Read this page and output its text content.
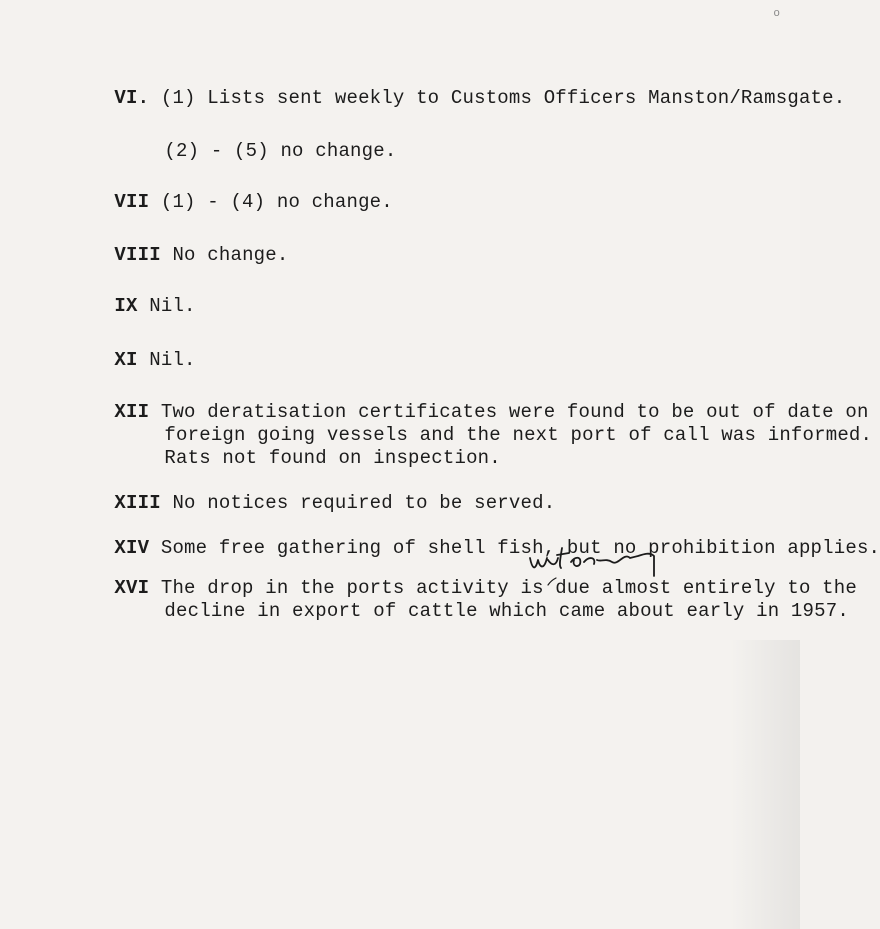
o

VI. (1) Lists sent weekly to Customs Officers Manston/Ramsgate.

(2) - (5) no change.

VII (1) - (4) no change.

VIII No change.

IX Nil.

XI Nil.

XII Two deratisation certificates were found to be out of date on

foreign going vessels and the next port of call was informed.

Rats not found on inspection.

XIII No notices required to be served.

XIV Some free gathering of shell fish, but no prohibition applies.

XVI The drop in the ports activity is due almost entirely to the

decline in export of cattle which came about early in 1957.
